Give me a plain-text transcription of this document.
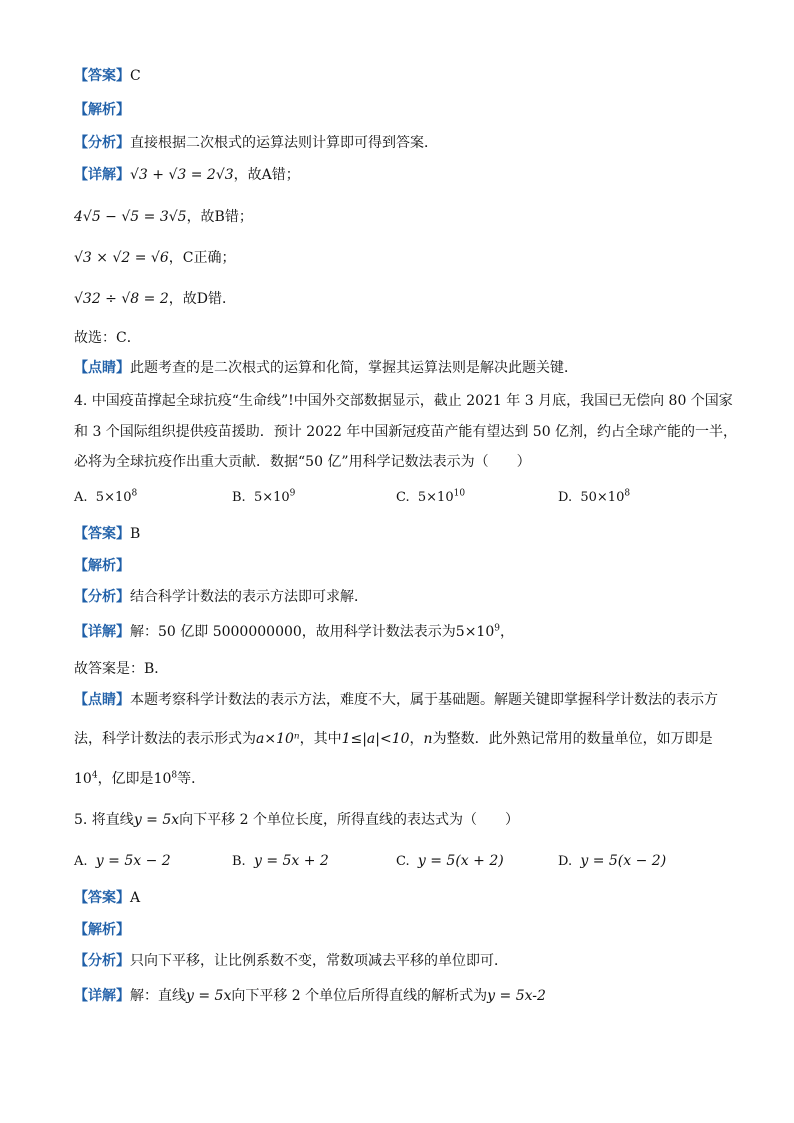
【答案】C
【解析】
【分析】直接根据二次根式的运算法则计算即可得到答案．
【详解】√3 + √3 = 2√3，故A错；
4√5 − √5 = 3√5，故B错；
√3 × √2 = √6，C正确；
√32 ÷ √8 = 2，故D错．
故选：C．
【点睛】此题考查的是二次根式的运算和化简，掌握其运算法则是解决此题关键．
4. 中国疫苗撑起全球抗疫“生命线”!中国外交部数据显示，截止 2021 年 3 月底，我国已无偿向 80 个国家
和 3 个国际组织提供疫苗援助．预计 2022 年中国新冠疫苗产能有望达到 50 亿剂，约占全球产能的一半，
必将为全球抗疫作出重大贡献．数据“50 亿”用科学记数法表示为（　　）
A. $5\times 10^8$	B. $5\times 10^9$	C. $5\times 10^{10}$	D. $50\times 10^8$
【答案】B
【解析】
【分析】结合科学计数法的表示方法即可求解．
【详解】解：50 亿即 5000000000，故用科学计数法表示为$5\times 10^9$，
故答案是：B．
【点睛】本题考察科学计数法的表示方法，难度不大，属于基础题。解题关键即掌握科学计数法的表示方
法，科学计数法的表示形式为a×10ⁿ，其中1≤|a|<10，n为整数．此外熟记常用的数量单位，如万即是
$10^4$，亿即是$10^8$等．
5. 将直线y = 5x向下平移 2 个单位长度，所得直线的表达式为（　　）
A. y = 5x − 2	B. y = 5x + 2	C. y = 5(x + 2)	D. y = 5(x − 2)
【答案】A
【解析】
【分析】只向下平移，让比例系数不变，常数项减去平移的单位即可．
【详解】解：直线y = 5x向下平移 2 个单位后所得直线的解析式为y = 5x-2
